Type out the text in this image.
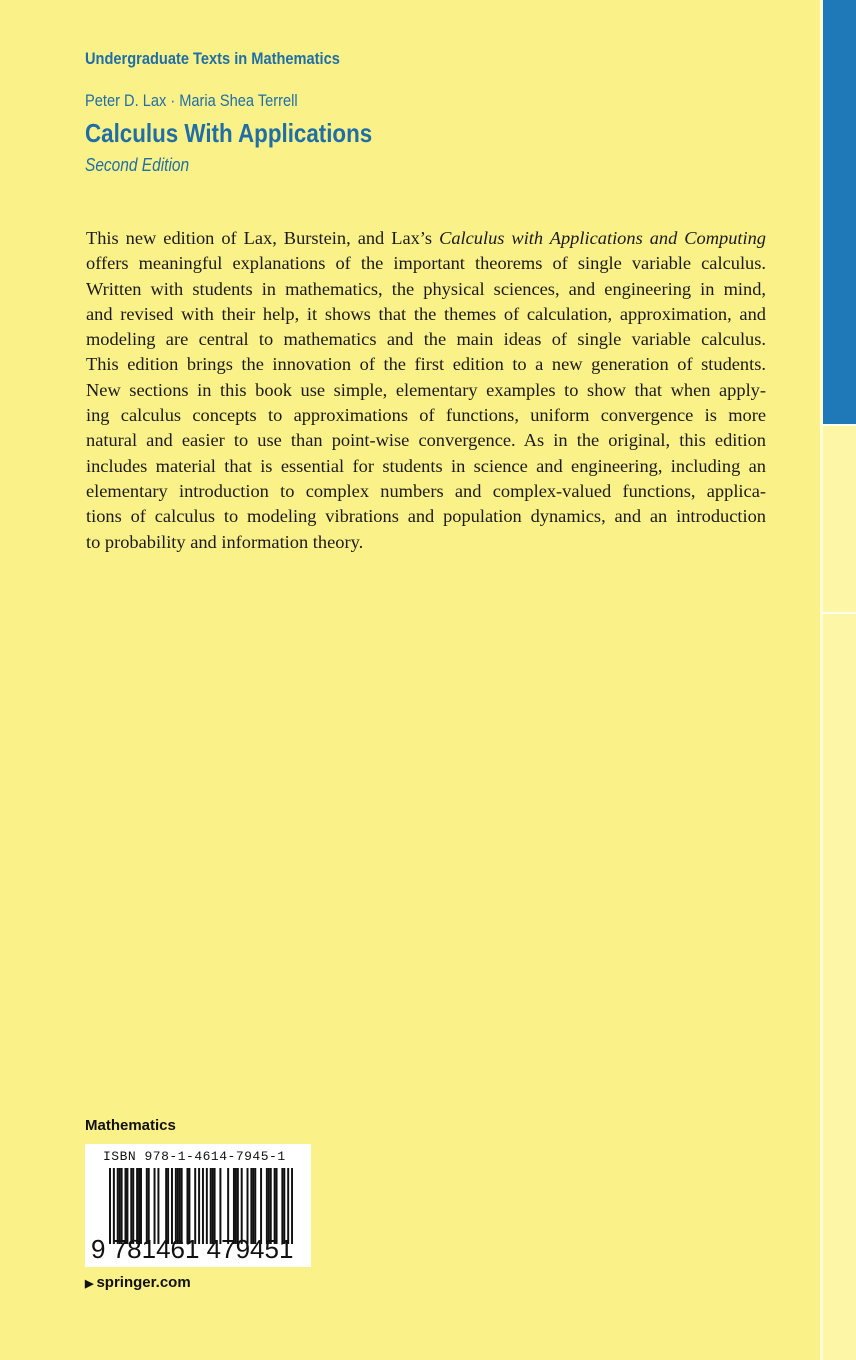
Undergraduate Texts in Mathematics
Peter D. Lax · Maria Shea Terrell
Calculus With Applications
Second Edition
This new edition of Lax, Burstein, and Lax’s Calculus with Applications and Computing
offers meaningful explanations of the important theorems of single variable calculus.
Written with students in mathematics, the physical sciences, and engineering in mind,
and revised with their help, it shows that the themes of calculation, approximation, and
modeling are central to mathematics and the main ideas of single variable calculus.
This edition brings the innovation of the first edition to a new generation of students.
New sections in this book use simple, elementary examples to show that when apply-
ing calculus concepts to approximations of functions, uniform convergence is more
natural and easier to use than point-wise convergence. As in the original, this edition
includes material that is essential for students in science and engineering, including an
elementary introduction to complex numbers and complex-valued functions, applica-
tions of calculus to modeling vibrations and population dynamics, and an introduction
to probability and information theory.
Mathematics
ISBN 978-1-4614-7945-1
9 781461 479451
▶ springer.com
